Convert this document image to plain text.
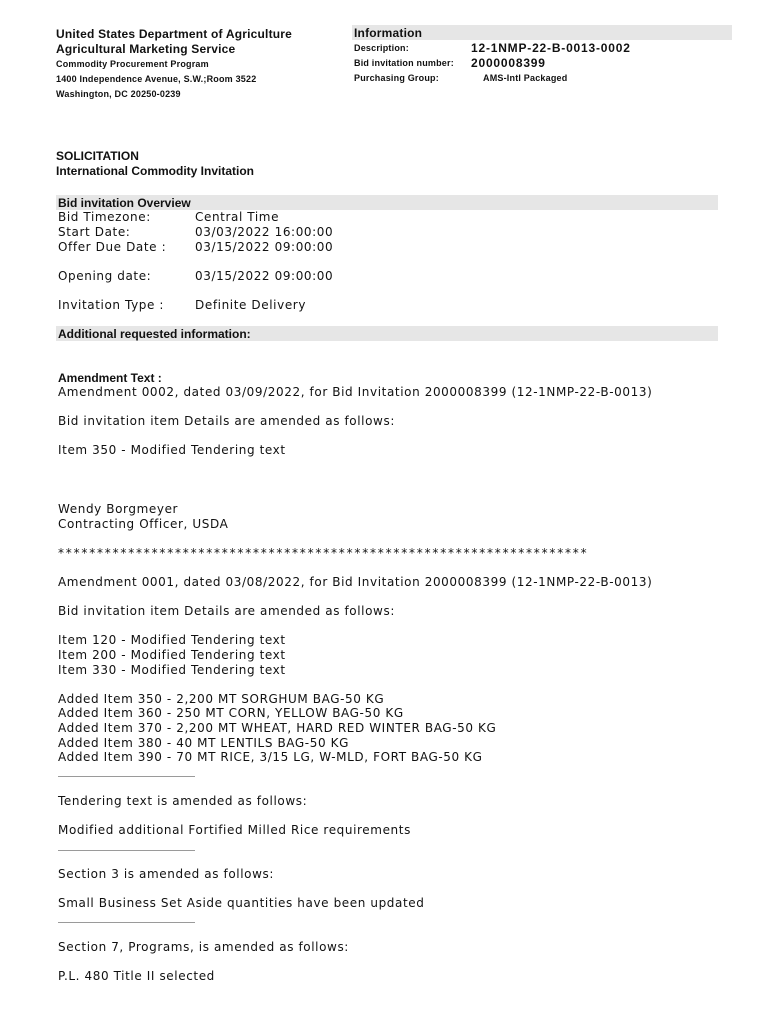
United States Department of Agriculture
Agricultural Marketing Service
Commodity Procurement Program
1400 Independence Avenue, S.W.;Room 3522
Washington, DC 20250-0239
Information
Description:	12-1NMP-22-B-0013-0002
Bid invitation number: 2000008399
Purchasing Group:	AMS-Intl Packaged
SOLICITATION
International Commodity Invitation
Bid invitation Overview
Bid Timezone:	Central Time
Start Date:	03/03/2022 16:00:00
Offer Due Date : 03/15/2022 09:00:00
Opening date:	03/15/2022 09:00:00
Invitation Type :	Definite Delivery
Additional requested information:
Amendment Text :
Amendment 0002, dated 03/09/2022, for Bid Invitation 2000008399 (12-1NMP-22-B-0013)
Bid invitation item Details are amended as follows:
Item 350 - Modified Tendering text
Wendy Borgmeyer
Contracting Officer, USDA
********************************************************************
Amendment 0001, dated 03/08/2022, for Bid Invitation 2000008399 (12-1NMP-22-B-0013)
Bid invitation item Details are amended as follows:
Item 120 - Modified Tendering text
Item 200 - Modified Tendering text
Item 330 - Modified Tendering text
Added Item 350 - 2,200 MT SORGHUM BAG-50 KG
Added Item 360 - 250 MT CORN, YELLOW BAG-50 KG
Added Item 370 - 2,200 MT WHEAT, HARD RED WINTER BAG-50 KG
Added Item 380 - 40 MT LENTILS BAG-50 KG
Added Item 390 - 70 MT RICE, 3/15 LG, W-MLD, FORT BAG-50 KG
Tendering text is amended as follows:
Modified additional Fortified Milled Rice requirements
Section 3 is amended as follows:
Small Business Set Aside quantities have been updated
Section 7, Programs, is amended as follows:
P.L. 480 Title II selected
